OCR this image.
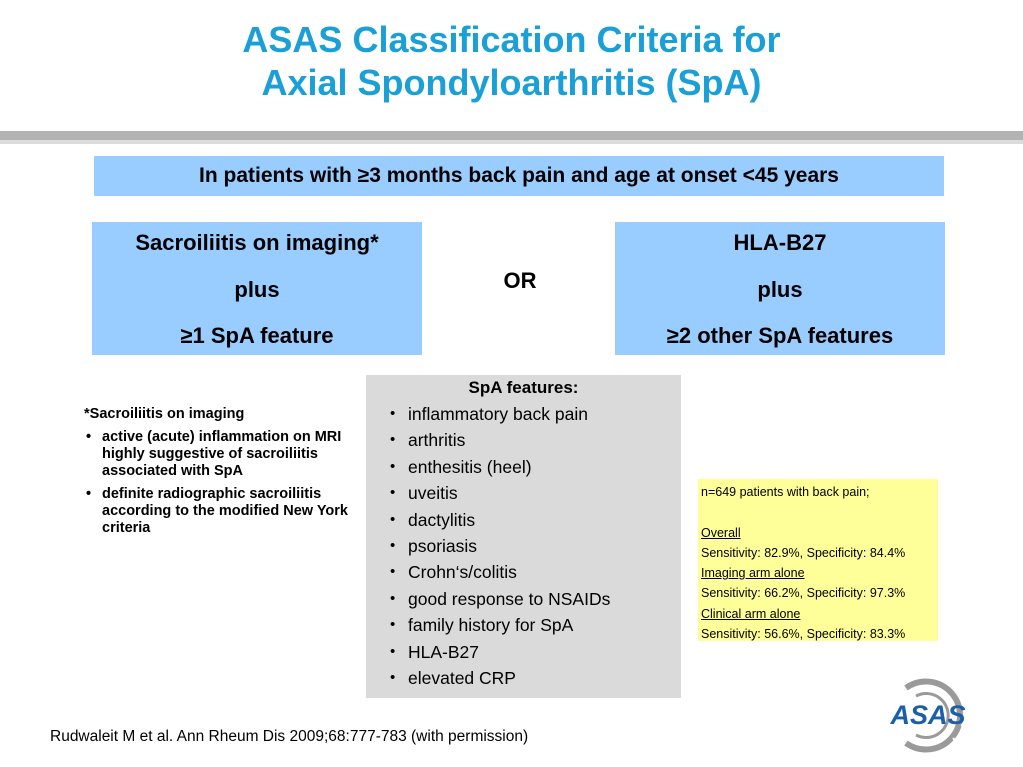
ASAS Classification Criteria for
Axial Spondyloarthritis (SpA)
In patients with ≥3 months back pain and age at onset <45 years
Sacroiliitis on imaging*
plus
≥1 SpA feature
OR
HLA-B27
plus
≥2 other SpA features
*Sacroiliitis on imaging
• active (acute) inflammation on MRI highly suggestive of sacroiliitis associated with SpA
• definite radiographic sacroiliitis according to the modified New York criteria
SpA features:
• inflammatory back pain
• arthritis
• enthesitis (heel)
• uveitis
• dactylitis
• psoriasis
• Crohn‘s/colitis
• good response to NSAIDs
• family history for SpA
• HLA-B27
• elevated CRP
n=649 patients with back pain;

Overall
Sensitivity: 82.9%, Specificity: 84.4%
Imaging arm alone
Sensitivity: 66.2%, Specificity: 97.3%
Clinical arm alone
Sensitivity: 56.6%, Specificity: 83.3%
Rudwaleit M et al. Ann Rheum Dis 2009;68:777-783 (with permission)
ASAS
